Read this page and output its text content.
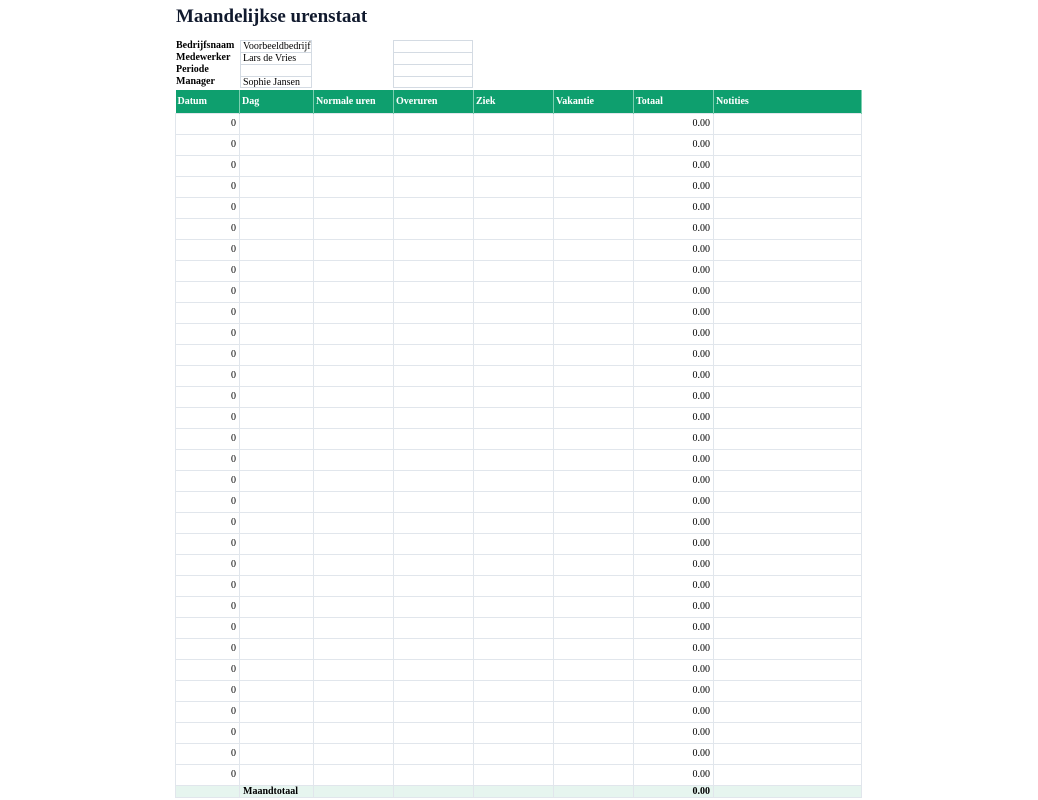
Maandelijkse urenstaat
Bedrijfsnaam Voorbeeldbedrijf
Medewerker	Lars de Vries
Periode
Manager	Sophie Jansen
Datum	Dag	Normale uren	Overuren	Ziek	Vakantie	Totaal	Notities
0						0.00	
0						0.00	
0						0.00	
0						0.00	
0						0.00	
0						0.00	
0						0.00	
0						0.00	
0						0.00	
0						0.00	
0						0.00	
0						0.00	
0						0.00	
0						0.00	
0						0.00	
0						0.00	
0						0.00	
0						0.00	
0						0.00	
0						0.00	
0						0.00	
0						0.00	
0						0.00	
0						0.00	
0						0.00	
0						0.00	
0						0.00	
0						0.00	
0						0.00	
0						0.00	
0						0.00	
0						0.00	
	Maandtotaal					0.00	
